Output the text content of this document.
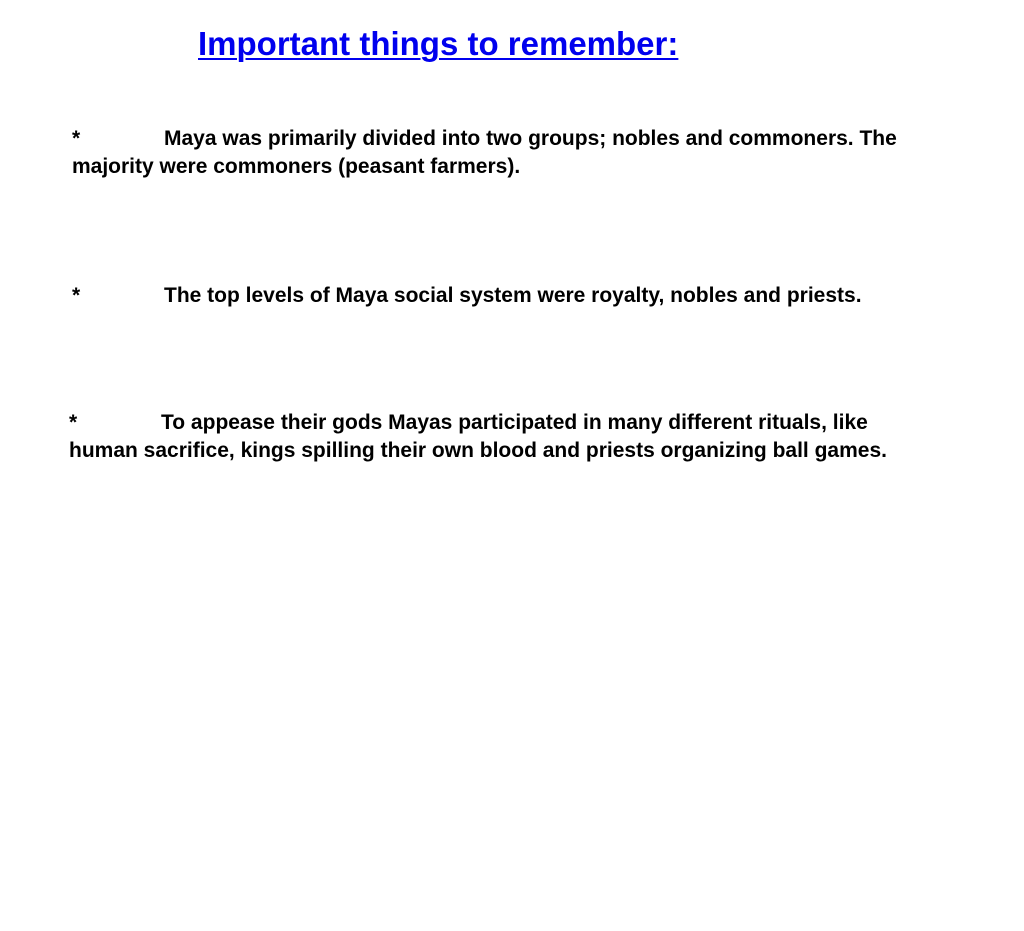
Important things to remember:

*	Maya was primarily divided into two groups; nobles and commoners. The majority were commoners (peasant farmers).

*	The top levels of Maya social system were royalty, nobles and priests.

*	To appease their gods Mayas participated in many different rituals, like human sacrifice, kings spilling their own blood and priests organizing ball games.
